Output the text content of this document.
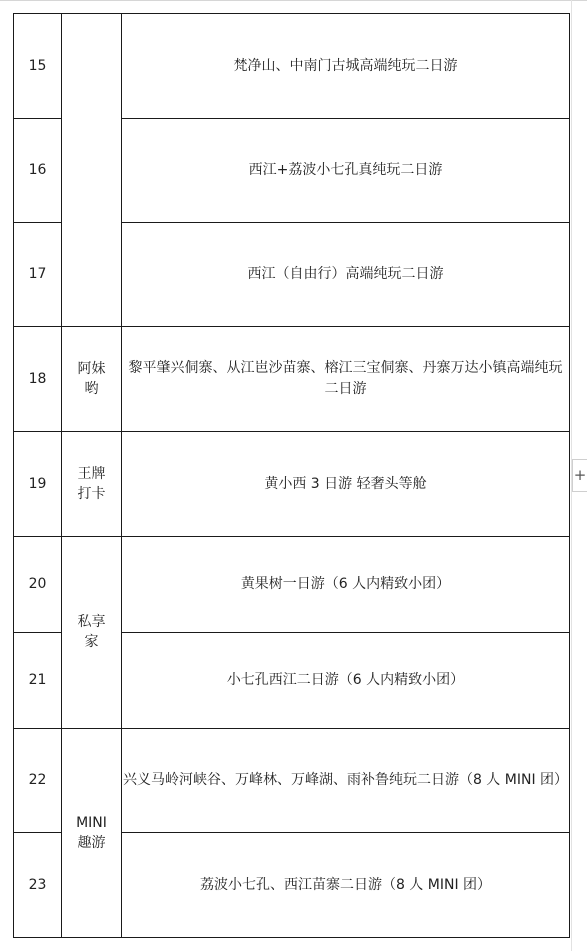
15		梵净山、中南门古城高端纯玩二日游
16		西江+荔波小七孔真纯玩二日游
17		西江（自由行）高端纯玩二日游
18	阿妹哟	黎平肇兴侗寨、从江岜沙苗寨、榕江三宝侗寨、丹寨万达小镇高端纯玩二日游
19	王牌打卡	黄小西 3 日游 轻奢头等舱
20	私享家	黄果树一日游（6 人内精致小团）
21		小七孔西江二日游（6 人内精致小团）
22	MINI趣游	兴义马岭河峡谷、万峰林、万峰湖、雨补鲁纯玩二日游（8 人 MINI 团）
23		荔波小七孔、西江苗寨二日游（8 人 MINI 团）
+
